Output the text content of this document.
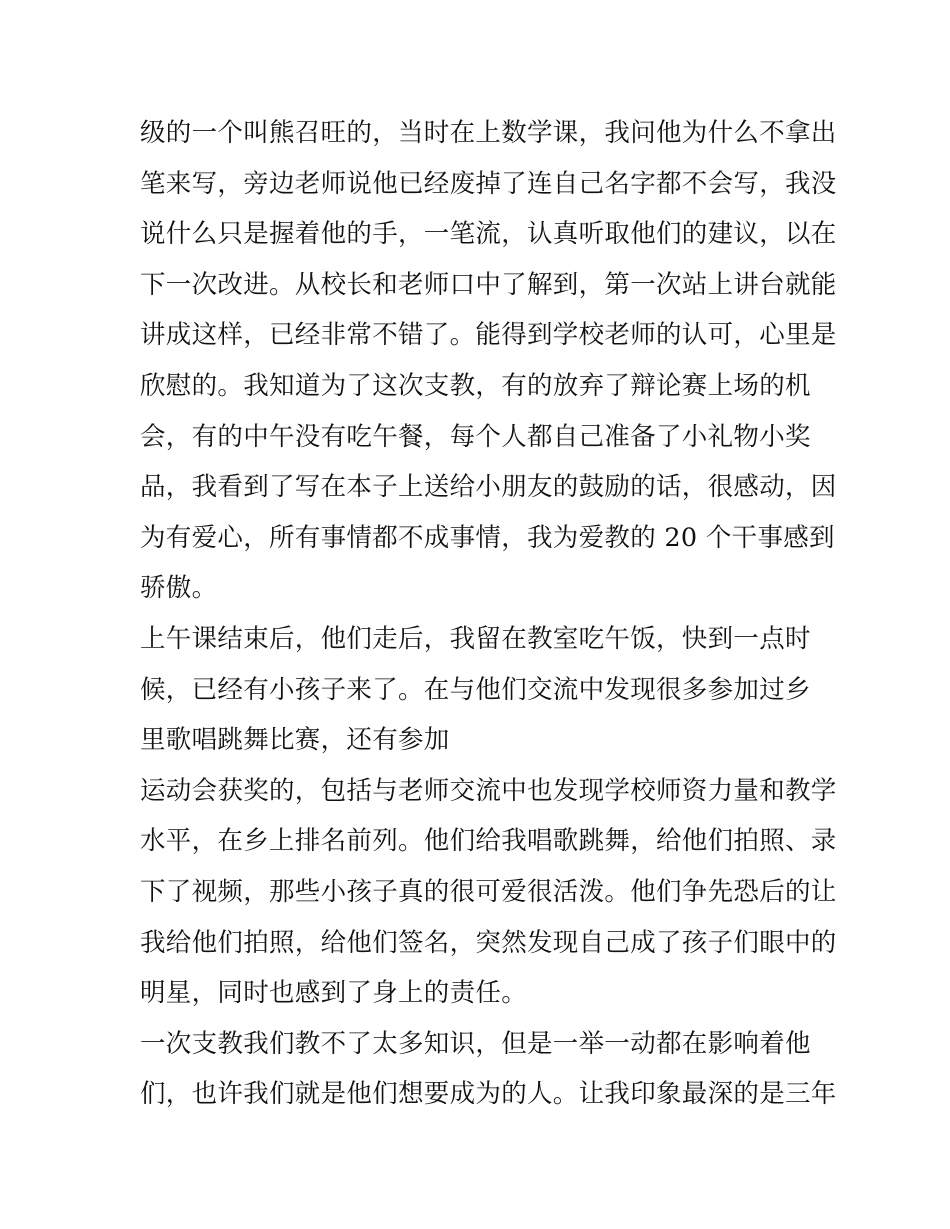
级的一个叫熊召旺的，当时在上数学课，我问他为什么不拿出
笔来写，旁边老师说他已经废掉了连自己名字都不会写，我没
说什么只是握着他的手，一笔流，认真听取他们的建议，以在
下一次改进。从校长和老师口中了解到，第一次站上讲台就能
讲成这样，已经非常不错了。能得到学校老师的认可，心里是
欣慰的。我知道为了这次支教，有的放弃了辩论赛上场的机
会，有的中午没有吃午餐，每个人都自己准备了小礼物小奖
品，我看到了写在本子上送给小朋友的鼓励的话，很感动，因
为有爱心，所有事情都不成事情，我为爱教的 20 个干事感到
骄傲。
上午课结束后，他们走后，我留在教室吃午饭，快到一点时
候，已经有小孩子来了。在与他们交流中发现很多参加过乡
里歌唱跳舞比赛，还有参加
运动会获奖的，包括与老师交流中也发现学校师资力量和教学
水平，在乡上排名前列。他们给我唱歌跳舞，给他们拍照、录
下了视频，那些小孩子真的很可爱很活泼。他们争先恐后的让
我给他们拍照，给他们签名，突然发现自己成了孩子们眼中的
明星，同时也感到了身上的责任。
一次支教我们教不了太多知识，但是一举一动都在影响着他
们，也许我们就是他们想要成为的人。让我印象最深的是三年
